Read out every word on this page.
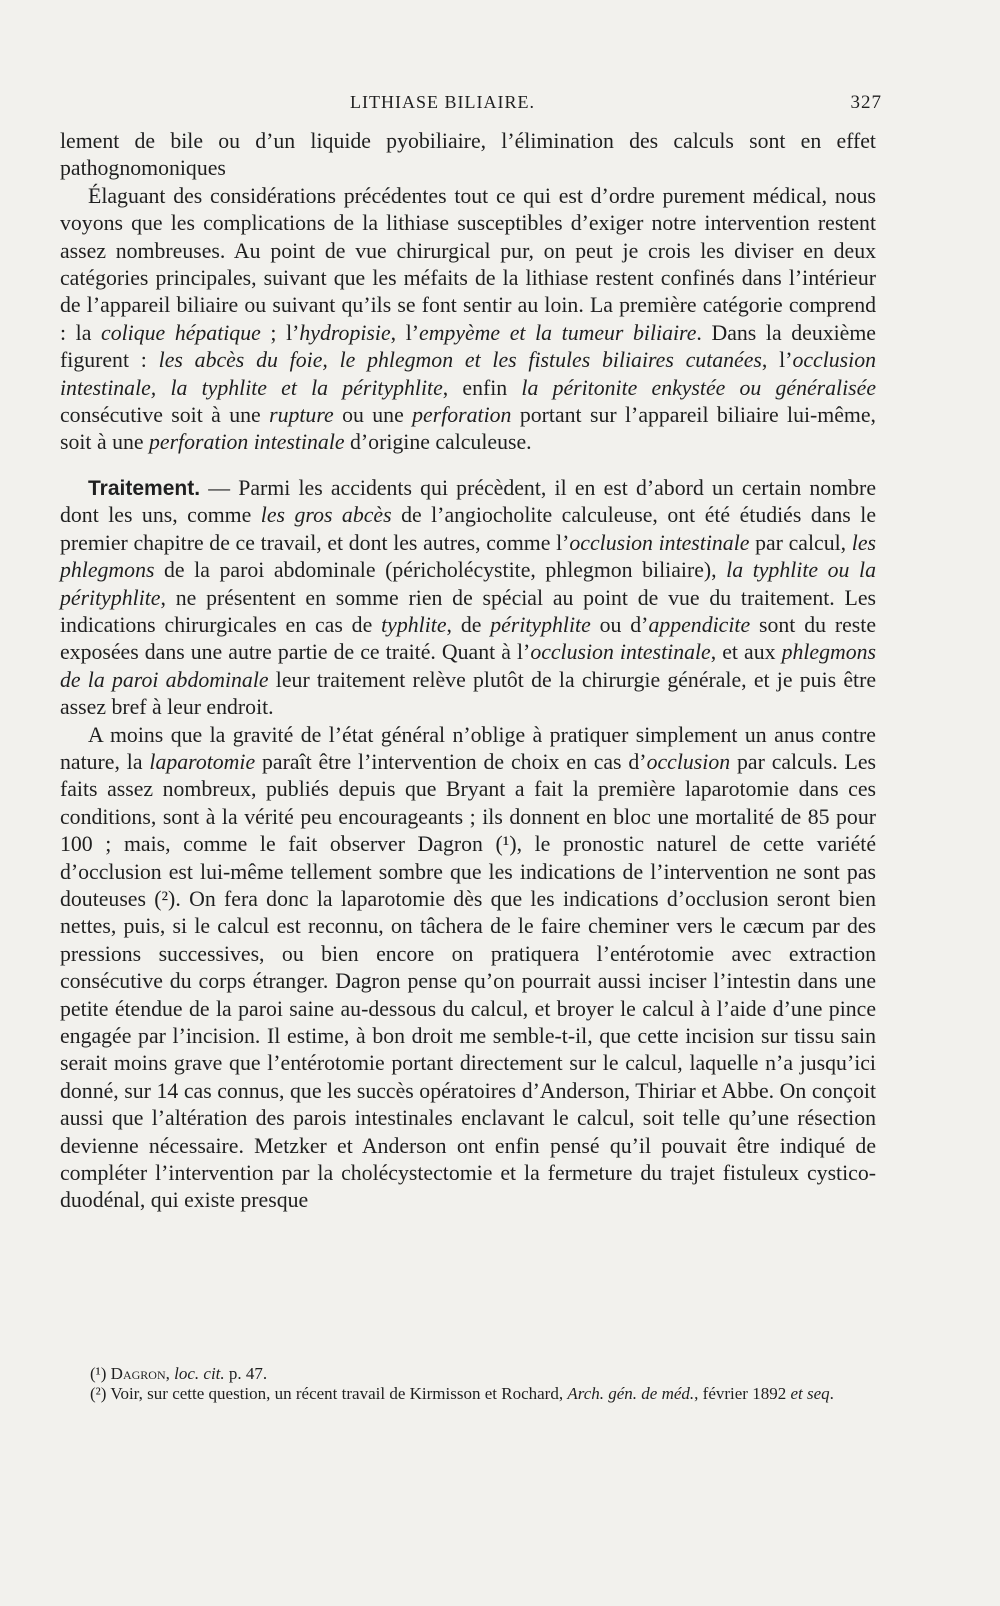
LITHIASE BILIAIRE.	327

lement de bile ou d’un liquide pyobiliaire, l’élimination des calculs sont en effet pathognomoniques

Élaguant des considérations précédentes tout ce qui est d’ordre purement médical, nous voyons que les complications de la lithiase susceptibles d’exiger notre intervention restent assez nombreuses. Au point de vue chirurgical pur, on peut je crois les diviser en deux catégories principales, suivant que les méfaits de la lithiase restent confinés dans l’intérieur de l’appareil biliaire ou suivant qu’ils se font sentir au loin. La première catégorie comprend : la colique hépatique ; l’hydropisie, l’empyème et la tumeur biliaire. Dans la deuxième figurent : les abcès du foie, le phlegmon et les fistules biliaires cutanées, l’occlusion intestinale, la typhlite et la pérityphlite, enfin la péritonite enkystée ou généralisée consécutive soit à une rupture ou une perforation portant sur l’appareil biliaire lui-même, soit à une perforation intestinale d’origine calculeuse.

Traitement. — Parmi les accidents qui précèdent, il en est d’abord un certain nombre dont les uns, comme les gros abcès de l’angiocholite calculeuse, ont été étudiés dans le premier chapitre de ce travail, et dont les autres, comme l’occlusion intestinale par calcul, les phlegmons de la paroi abdominale (péricholécystite, phlegmon biliaire), la typhlite ou la pérityphlite, ne présentent en somme rien de spécial au point de vue du traitement. Les indications chirurgicales en cas de typhlite, de pérityphlite ou d’appendicite sont du reste exposées dans une autre partie de ce traité. Quant à l’occlusion intestinale, et aux phlegmons de la paroi abdominale leur traitement relève plutôt de la chirurgie générale, et je puis être assez bref à leur endroit.

A moins que la gravité de l’état général n’oblige à pratiquer simplement un anus contre nature, la laparotomie paraît être l’intervention de choix en cas d’occlusion par calculs. Les faits assez nombreux, publiés depuis que Bryant a fait la première laparotomie dans ces conditions, sont à la vérité peu encourageants ; ils donnent en bloc une mortalité de 85 pour 100 ; mais, comme le fait observer Dagron (¹), le pronostic naturel de cette variété d’occlusion est lui-même tellement sombre que les indications de l’intervention ne sont pas douteuses (²). On fera donc la laparotomie dès que les indications d’occlusion seront bien nettes, puis, si le calcul est reconnu, on tâchera de le faire cheminer vers le cæcum par des pressions successives, ou bien encore on pratiquera l’entérotomie avec extraction consécutive du corps étranger. Dagron pense qu’on pourrait aussi inciser l’intestin dans une petite étendue de la paroi saine au-dessous du calcul, et broyer le calcul à l’aide d’une pince engagée par l’incision. Il estime, à bon droit me semble-t-il, que cette incision sur tissu sain serait moins grave que l’entérotomie portant directement sur le calcul, laquelle n’a jusqu’ici donné, sur 14 cas connus, que les succès opératoires d’Anderson, Thiriar et Abbe. On conçoit aussi que l’altération des parois intestinales enclavant le calcul, soit telle qu’une résection devienne nécessaire. Metzker et Anderson ont enfin pensé qu’il pouvait être indiqué de compléter l’intervention par la cholécystectomie et la fermeture du trajet fistuleux cystico-duodénal, qui existe presque

(¹) Dagron, loc. cit. p. 47.

(²) Voir, sur cette question, un récent travail de Kirmisson et Rochard, Arch. gén. de méd., février 1892 et seq.
